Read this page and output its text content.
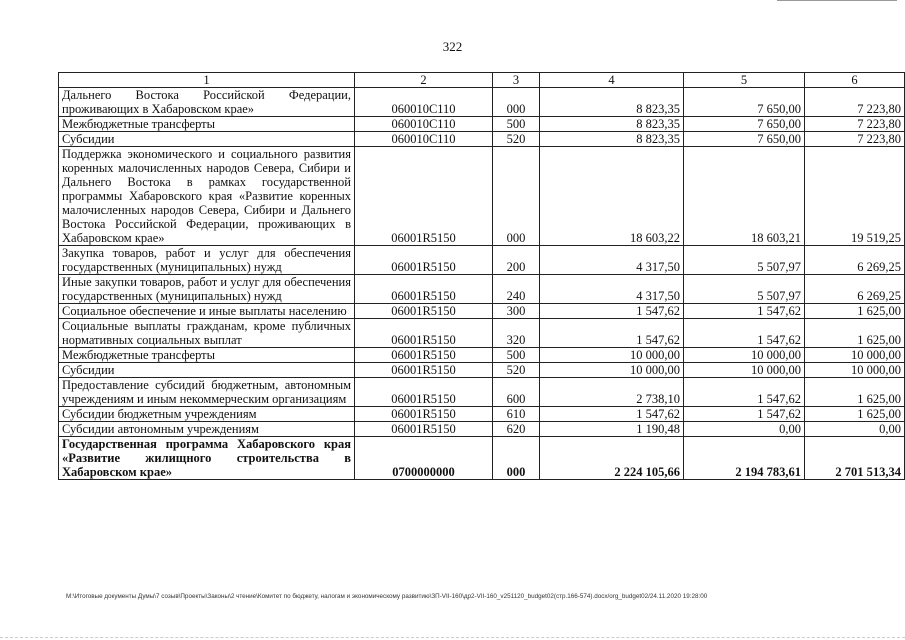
322
1	2	3	4	5	6
Дальнего Востока Российской Федерации, проживающих в Хабаровском крае»	060010С110	000	8 823,35	7 650,00	7 223,80
Межбюджетные трансферты	060010С110	500	8 823,35	7 650,00	7 223,80
Субсидии	060010С110	520	8 823,35	7 650,00	7 223,80
Поддержка экономического и социального развития коренных малочисленных народов Севера, Сибири и Дальнего Востока в рамках государственной программы Хабаровского края «Развитие коренных малочисленных народов Севера, Сибири и Дальнего Востока Российской Федерации, проживающих в Хабаровском крае»	06001R5150	000	18 603,22	18 603,21	19 519,25
Закупка товаров, работ и услуг для обеспечения государственных (муниципальных) нужд	06001R5150	200	4 317,50	5 507,97	6 269,25
Иные закупки товаров, работ и услуг для обеспечения государственных (муниципальных) нужд	06001R5150	240	4 317,50	5 507,97	6 269,25
Социальное обеспечение и иные выплаты населению	06001R5150	300	1 547,62	1 547,62	1 625,00
Социальные выплаты гражданам, кроме публичных нормативных социальных выплат	06001R5150	320	1 547,62	1 547,62	1 625,00
Межбюджетные трансферты	06001R5150	500	10 000,00	10 000,00	10 000,00
Субсидии	06001R5150	520	10 000,00	10 000,00	10 000,00
Предоставление субсидий бюджетным, автономным учреждениям и иным некоммерческим организациям	06001R5150	600	2 738,10	1 547,62	1 625,00
Субсидии бюджетным учреждениям	06001R5150	610	1 547,62	1 547,62	1 625,00
Субсидии автономным учреждениям	06001R5150	620	1 190,48	0,00	0,00
Государственная программа Хабаровского края «Развитие жилищного строительства в Хабаровском крае»	0700000000	000	2 224 105,66	2 194 783,61	2 701 513,34
M:\Итоговые документы Думы\7 созыв\Проекты\Законы\2 чтение\Комитет по бюджету, налогам и экономическому развитию\ЗП-VII-160\др2-VII-160_v251120_budget02(стр.166-574).docx/org_budget02/24.11.2020 19:28:00
